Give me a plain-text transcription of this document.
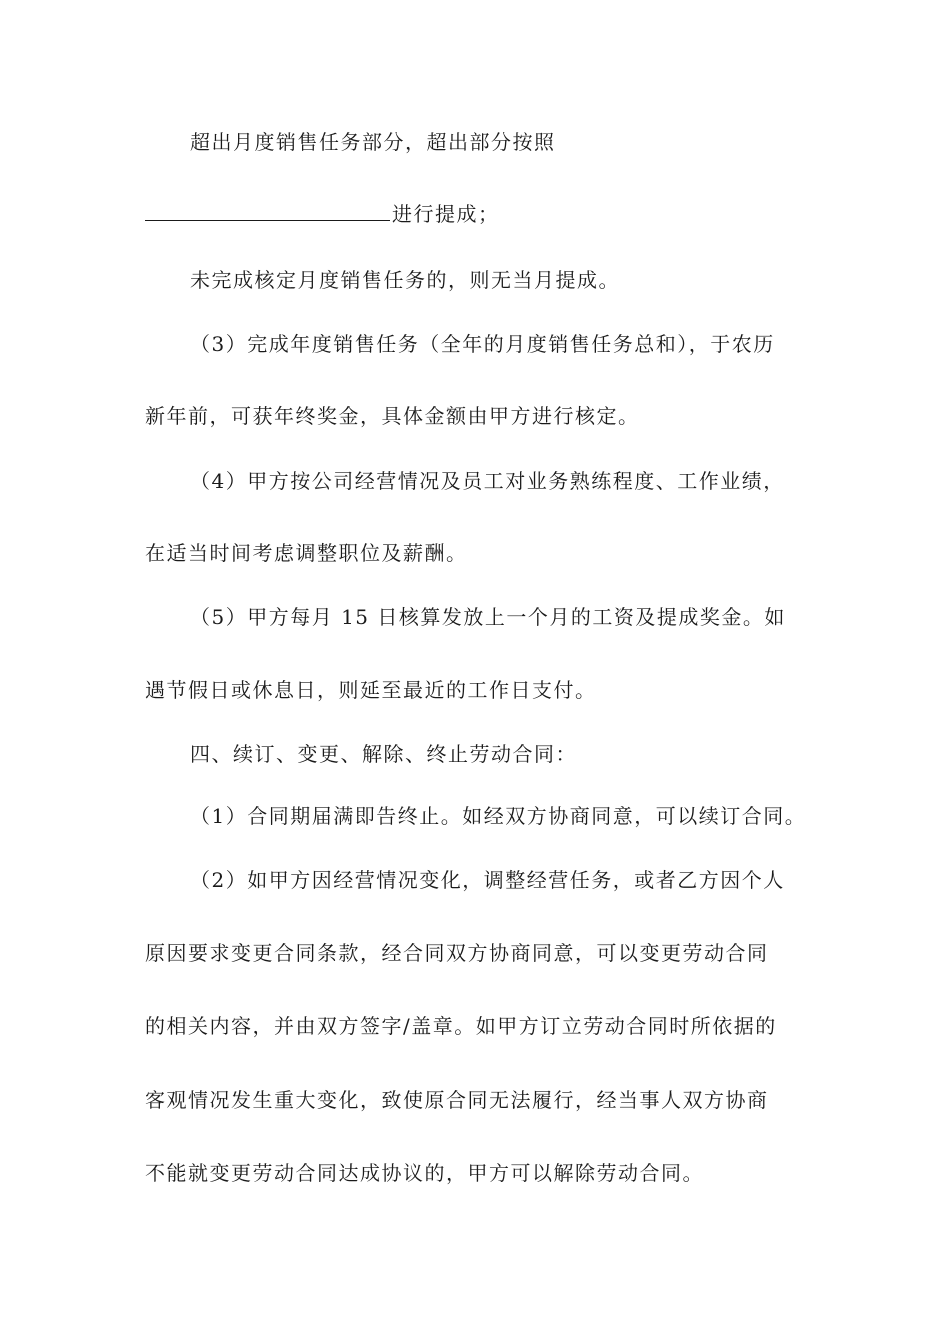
超出月度销售任务部分，超出部分按照
进行提成；
未完成核定月度销售任务的，则无当月提成。
（3）完成年度销售任务（全年的月度销售任务总和），于农历
新年前，可获年终奖金，具体金额由甲方进行核定。
（4）甲方按公司经营情况及员工对业务熟练程度、工作业绩，
在适当时间考虑调整职位及薪酬。
（5）甲方每月 15 日核算发放上一个月的工资及提成奖金。如
遇节假日或休息日，则延至最近的工作日支付。
四、续订、变更、解除、终止劳动合同：
（1）合同期届满即告终止。如经双方协商同意，可以续订合同。
（2）如甲方因经营情况变化，调整经营任务，或者乙方因个人
原因要求变更合同条款，经合同双方协商同意，可以变更劳动合同
的相关内容，并由双方签字/盖章。如甲方订立劳动合同时所依据的
客观情况发生重大变化，致使原合同无法履行，经当事人双方协商
不能就变更劳动合同达成协议的，甲方可以解除劳动合同。
